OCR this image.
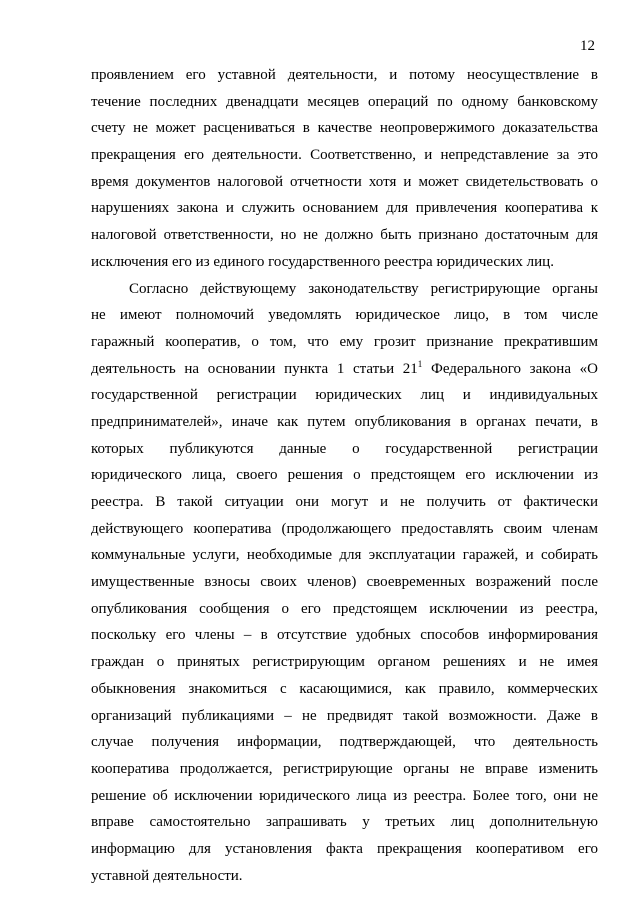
12
проявлением его уставной деятельности, и потому неосуществление в
течение последних двенадцати месяцев операций по одному банковскому
счету не может расцениваться в качестве неопровержимого доказательства
прекращения его деятельности. Соответственно, и непредставление за это
время документов налоговой отчетности хотя и может свидетельствовать о
нарушениях закона и служить основанием для привлечения кооператива к
налоговой ответственности, но не должно быть признано достаточным для
исключения его из единого государственного реестра юридических лиц.
Согласно действующему законодательству регистрирующие органы
не имеют полномочий уведомлять юридическое лицо, в том числе
гаражный кооператив, о том, что ему грозит признание прекратившим
деятельность на основании пункта 1 статьи $21^1$ Федерального закона «О
государственной регистрации юридических лиц и индивидуальных
предпринимателей», иначе как путем опубликования в органах печати, в
которых публикуются данные о государственной регистрации
юридического лица, своего решения о предстоящем его исключении из
реестра. В такой ситуации они могут и не получить от фактически
действующего кооператива (продолжающего предоставлять своим членам
коммунальные услуги, необходимые для эксплуатации гаражей, и собирать
имущественные взносы своих членов) своевременных возражений после
опубликования сообщения о его предстоящем исключении из реестра,
поскольку его члены – в отсутствие удобных способов информирования
граждан о принятых регистрирующим органом решениях и не имея
обыкновения знакомиться с касающимися, как правило, коммерческих
организаций публикациями – не предвидят такой возможности. Даже в
случае получения информации, подтверждающей, что деятельность
кооператива продолжается, регистрирующие органы не вправе изменить
решение об исключении юридического лица из реестра. Более того, они не
вправе самостоятельно запрашивать у третьих лиц дополнительную
информацию для установления факта прекращения кооперативом его
уставной деятельности.
